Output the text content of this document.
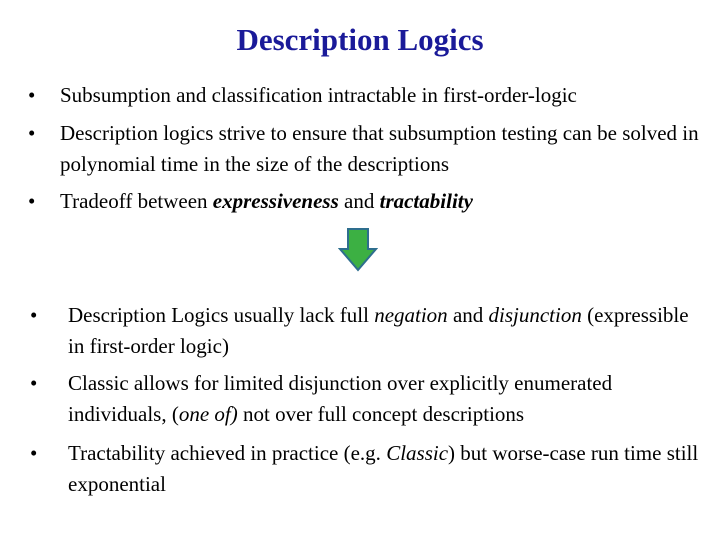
Description Logics
•	Subsumption and classification intractable in first-order-logic
•	Description logics strive to ensure that subsumption testing can be solved in polynomial time in the size of the descriptions
•	Tradeoff between expressiveness and tractability
•	Description Logics usually lack full negation and disjunction (expressible in first-order logic)
•	Classic allows for limited disjunction over explicitly enumerated individuals, (one of) not over full concept descriptions
•	Tractability achieved in practice (e.g. Classic) but worse-case run time still exponential
